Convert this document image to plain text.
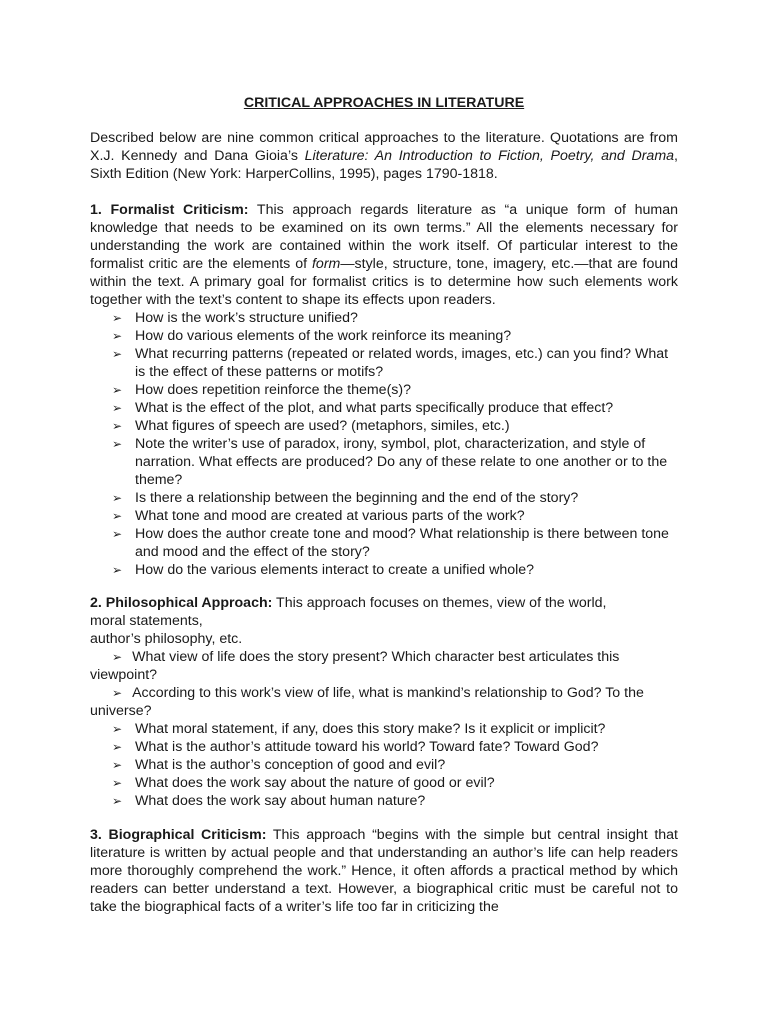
CRITICAL APPROACHES IN LITERATURE
Described below are nine common critical approaches to the literature. Quotations are from X.J. Kennedy and Dana Gioia’s Literature: An Introduction to Fiction, Poetry, and Drama, Sixth Edition (New York: HarperCollins, 1995), pages 1790-1818.
1. Formalist Criticism: This approach regards literature as “a unique form of human knowledge that needs to be examined on its own terms.” All the elements necessary for understanding the work are contained within the work itself. Of particular interest to the formalist critic are the elements of form—style, structure, tone, imagery, etc.—that are found within the text. A primary goal for formalist critics is to determine how such elements work together with the text’s content to shape its effects upon readers.
➢ How is the work’s structure unified?
➢ How do various elements of the work reinforce its meaning?
➢ What recurring patterns (repeated or related words, images, etc.) can you find? What is the effect of these patterns or motifs?
➢ How does repetition reinforce the theme(s)?
➢ What is the effect of the plot, and what parts specifically produce that effect?
➢ What figures of speech are used? (metaphors, similes, etc.)
➢ Note the writer’s use of paradox, irony, symbol, plot, characterization, and style of narration. What effects are produced? Do any of these relate to one another or to the theme?
➢ Is there a relationship between the beginning and the end of the story?
➢ What tone and mood are created at various parts of the work?
➢ How does the author create tone and mood? What relationship is there between tone and mood and the effect of the story?
➢ How do the various elements interact to create a unified whole?
2. Philosophical Approach: This approach focuses on themes, view of the world,
moral statements,
author’s philosophy, etc.
➢ What view of life does the story present? Which character best articulates this viewpoint?
➢ According to this work’s view of life, what is mankind’s relationship to God? To the universe?
➢ What moral statement, if any, does this story make? Is it explicit or implicit?
➢ What is the author’s attitude toward his world? Toward fate? Toward God?
➢ What is the author’s conception of good and evil?
➢ What does the work say about the nature of good or evil?
➢ What does the work say about human nature?
3. Biographical Criticism: This approach “begins with the simple but central insight that literature is written by actual people and that understanding an author’s life can help readers more thoroughly comprehend the work.” Hence, it often affords a practical method by which readers can better understand a text. However, a biographical critic must be careful not to take the biographical facts of a writer’s life too far in criticizing the
